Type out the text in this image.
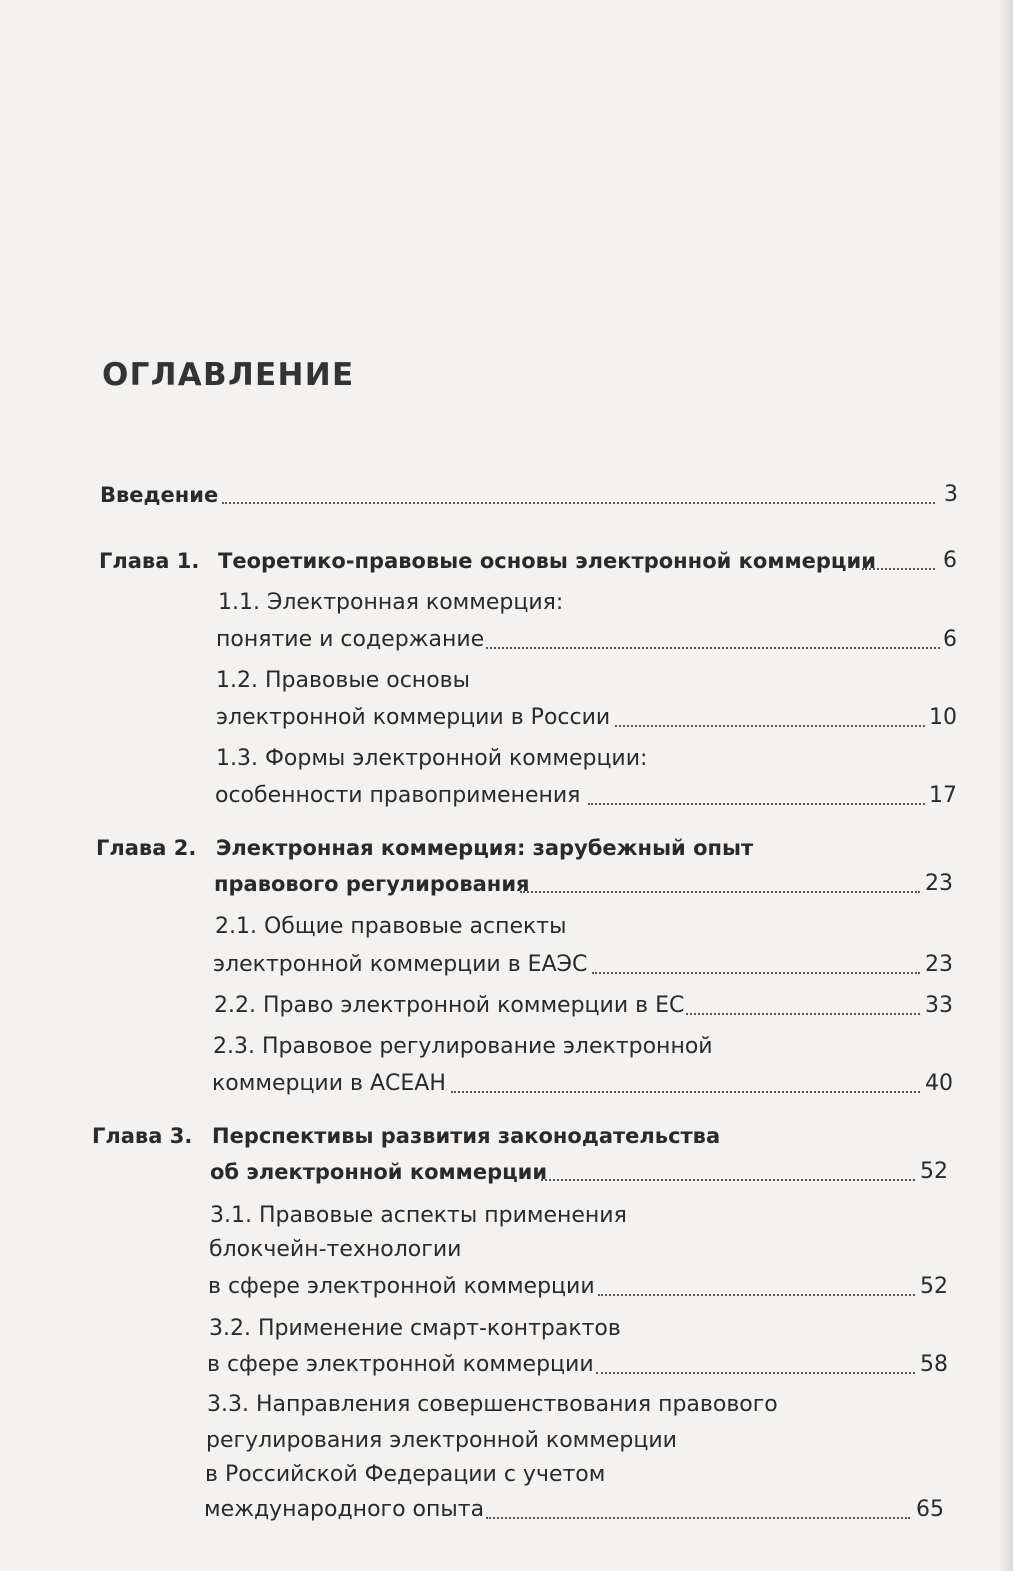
ОГЛАВЛЕНИЕ
Введение	3
Глава 1. Теоретико-правовые основы электронной коммерции	6
1.1. Электронная коммерция:
понятие и содержание	6
1.2. Правовые основы
электронной коммерции в России	10
1.3. Формы электронной коммерции:
особенности правоприменения	17
Глава 2. Электронная коммерция: зарубежный опыт
правового регулирования	23
2.1. Общие правовые аспекты
электронной коммерции в ЕАЭС	23
2.2. Право электронной коммерции в ЕС	33
2.3. Правовое регулирование электронной
коммерции в АСЕАН	40
Глава 3. Перспективы развития законодательства
об электронной коммерции	52
3.1. Правовые аспекты применения
блокчейн-технологии
в сфере электронной коммерции	52
3.2. Применение смарт-контрактов
в сфере электронной коммерции	58
3.3. Направления совершенствования правового
регулирования электронной коммерции
в Российской Федерации с учетом
международного опыта	65
